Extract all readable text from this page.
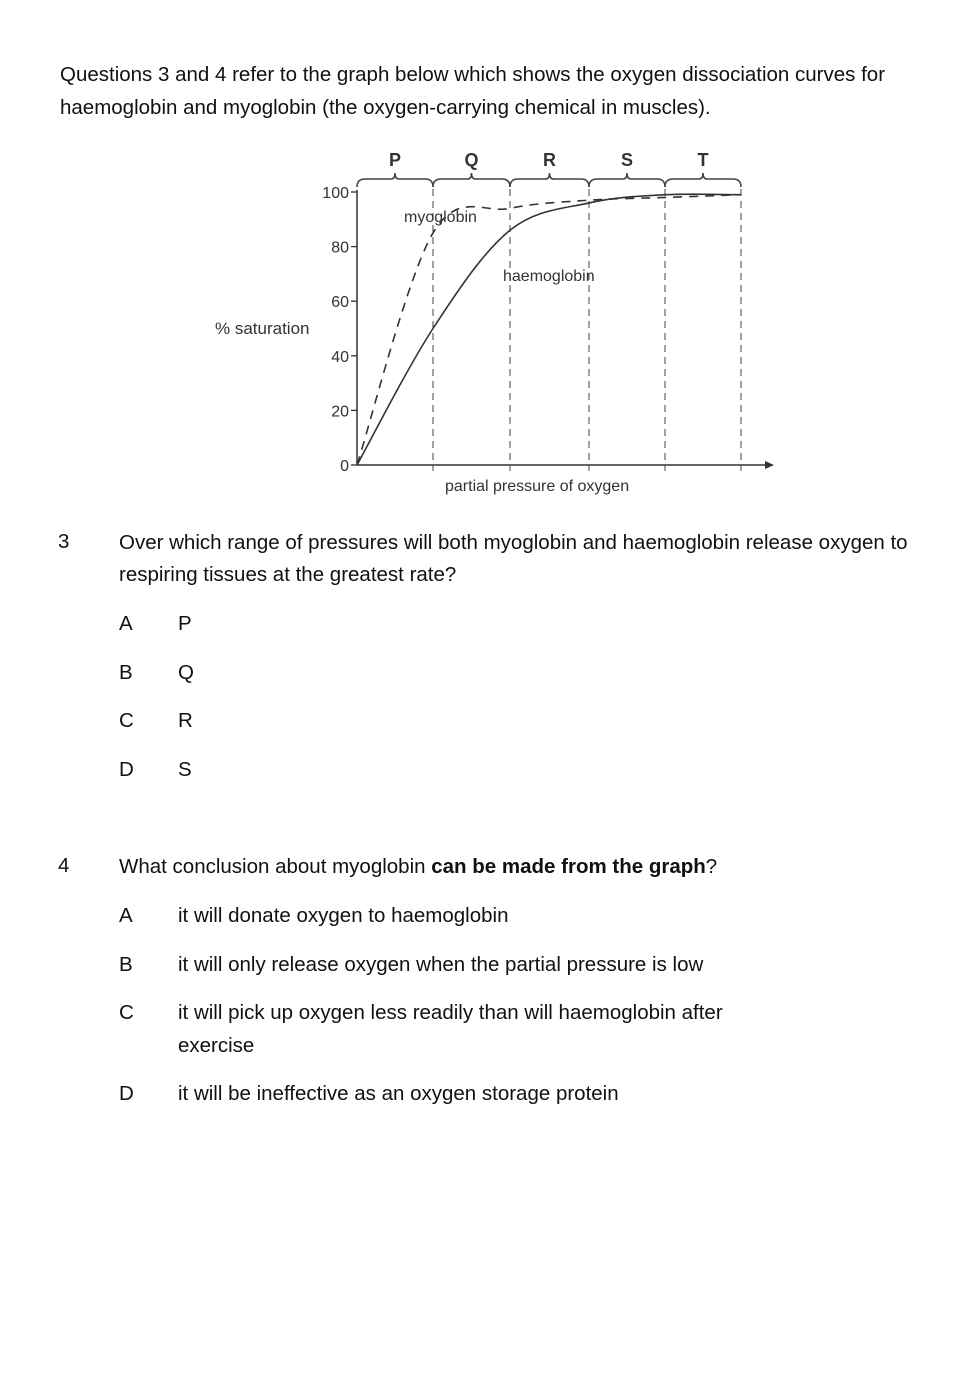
Questions 3 and 4 refer to the graph below which shows the oxygen dissociation curves for haemoglobin and myoglobin (the oxygen-carrying chemical in muscles).

100
80
60
40
20
0
P	Q	R	S	T
% saturation
partial pressure of oxygen
myoglobin
haemoglobin
3 Over which range of pressures will both myoglobin and haemoglobin release oxygen to respiring tissues at the greatest rate?
A P
B Q
C R
D S
4 What conclusion about myoglobin can be made from the graph?
A it will donate oxygen to haemoglobin
B it will only release oxygen when the partial pressure is low
C it will pick up oxygen less readily than will haemoglobin after exercise
D it will be ineffective as an oxygen storage protein
